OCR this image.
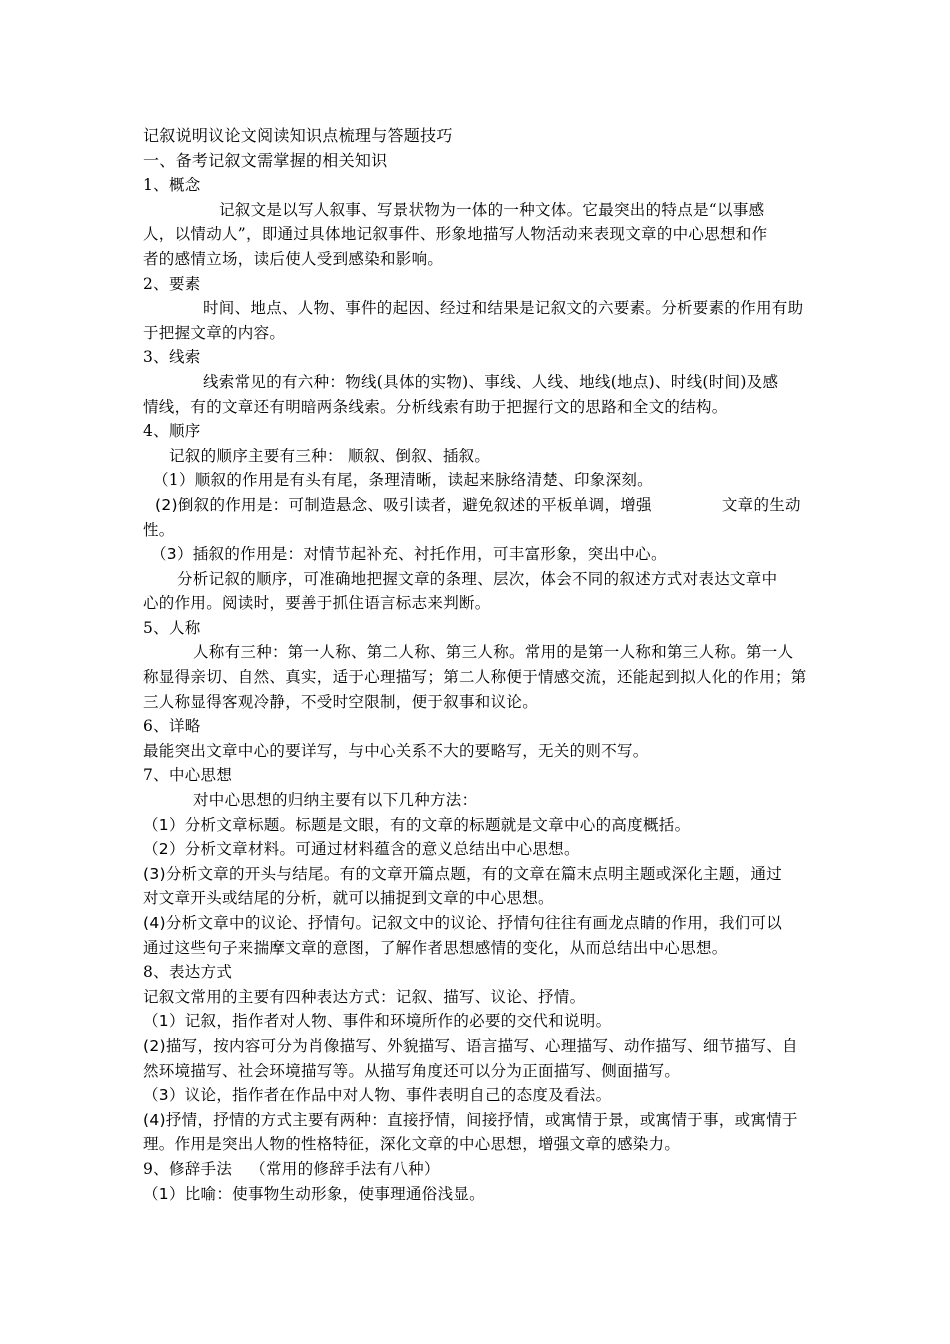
记叙说明议论文阅读知识点梳理与答题技巧
一、备考记叙文需掌握的相关知识
1、概念
记叙文是以写人叙事、写景状物为一体的一种文体。它最突出的特点是“以事感
人，以情动人”，即通过具体地记叙事件、形象地描写人物活动来表现文章的中心思想和作
者的感情立场，读后使人受到感染和影响。
2、要素
时间、地点、人物、事件的起因、经过和结果是记叙文的六要素。分析要素的作用有助
于把握文章的内容。
3、线索
线索常见的有六种：物线(具体的实物)、事线、人线、地线(地点)、时线(时间)及感
情线，有的文章还有明暗两条线索。分析线索有助于把握行文的思路和全文的结构。
4、顺序
记叙的顺序主要有三种： 顺叙、倒叙、插叙。
（1）顺叙的作用是有头有尾，条理清晰，读起来脉络清楚、印象深刻。
(2)倒叙的作用是：可制造悬念、吸引读者，避免叙述的平板单调，增强	文章的生动
性。
（3）插叙的作用是：对情节起补充、衬托作用，可丰富形象，突出中心。
分析记叙的顺序，可准确地把握文章的条理、层次，体会不同的叙述方式对表达文章中
心的作用。阅读时，要善于抓住语言标志来判断。
5、人称
人称有三种：第一人称、第二人称、第三人称。常用的是第一人称和第三人称。第一人
称显得亲切、自然、真实，适于心理描写；第二人称便于情感交流，还能起到拟人化的作用；第
三人称显得客观冷静，不受时空限制，便于叙事和议论。
6、详略
最能突出文章中心的要详写，与中心关系不大的要略写，无关的则不写。
7、中心思想
对中心思想的归纳主要有以下几种方法：
（1）分析文章标题。标题是文眼，有的文章的标题就是文章中心的高度概括。
（2）分析文章材料。可通过材料蕴含的意义总结出中心思想。
(3)分析文章的开头与结尾。有的文章开篇点题，有的文章在篇末点明主题或深化主题，通过
对文章开头或结尾的分析，就可以捕捉到文章的中心思想。
(4)分析文章中的议论、抒情句。记叙文中的议论、抒情句往往有画龙点睛的作用，我们可以
通过这些句子来揣摩文章的意图，了解作者思想感情的变化，从而总结出中心思想。
8、表达方式
记叙文常用的主要有四种表达方式：记叙、描写、议论、抒情。
（1）记叙，指作者对人物、事件和环境所作的必要的交代和说明。
(2)描写，按内容可分为肖像描写、外貌描写、语言描写、心理描写、动作描写、细节描写、自
然环境描写、社会环境描写等。从描写角度还可以分为正面描写、侧面描写。
（3）议论，指作者在作品中对人物、事件表明自己的态度及看法。
(4)抒情，抒情的方式主要有两种：直接抒情，间接抒情，或寓情于景，或寓情于事，或寓情于
理。作用是突出人物的性格特征，深化文章的中心思想，增强文章的感染力。
9、修辞手法 （常用的修辞手法有八种）
（1）比喻：使事物生动形象，使事理通俗浅显。
